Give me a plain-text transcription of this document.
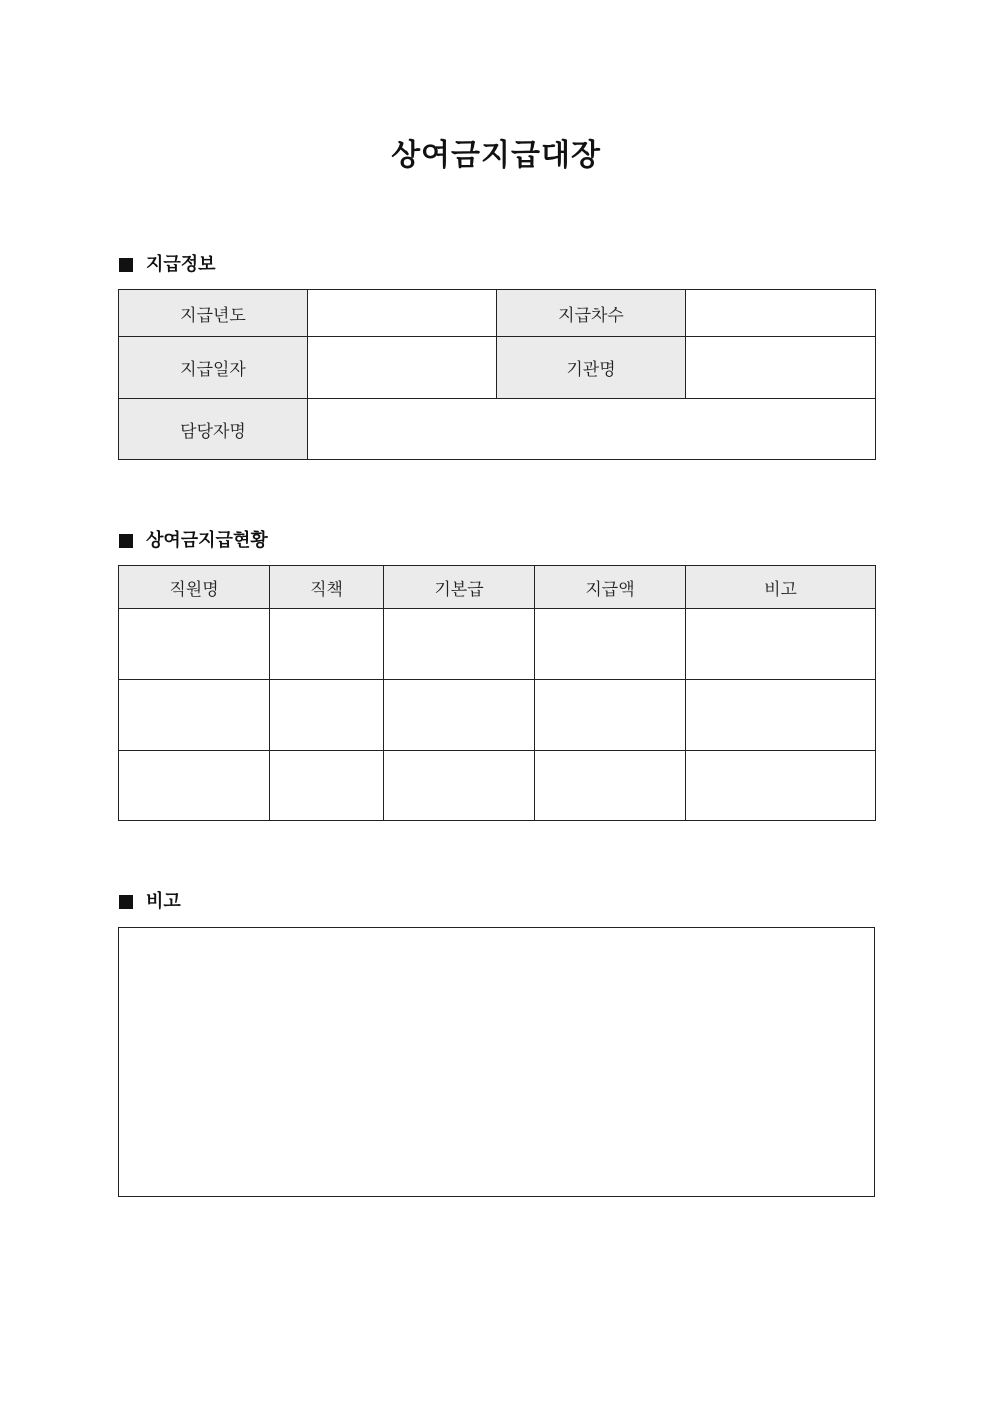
상여금지급대장
지급정보
지급년도		지급차수	
지급일자		기관명	
담당자명			
상여금지급현황
직원명	직책	기본급	지급액	비고

비고
